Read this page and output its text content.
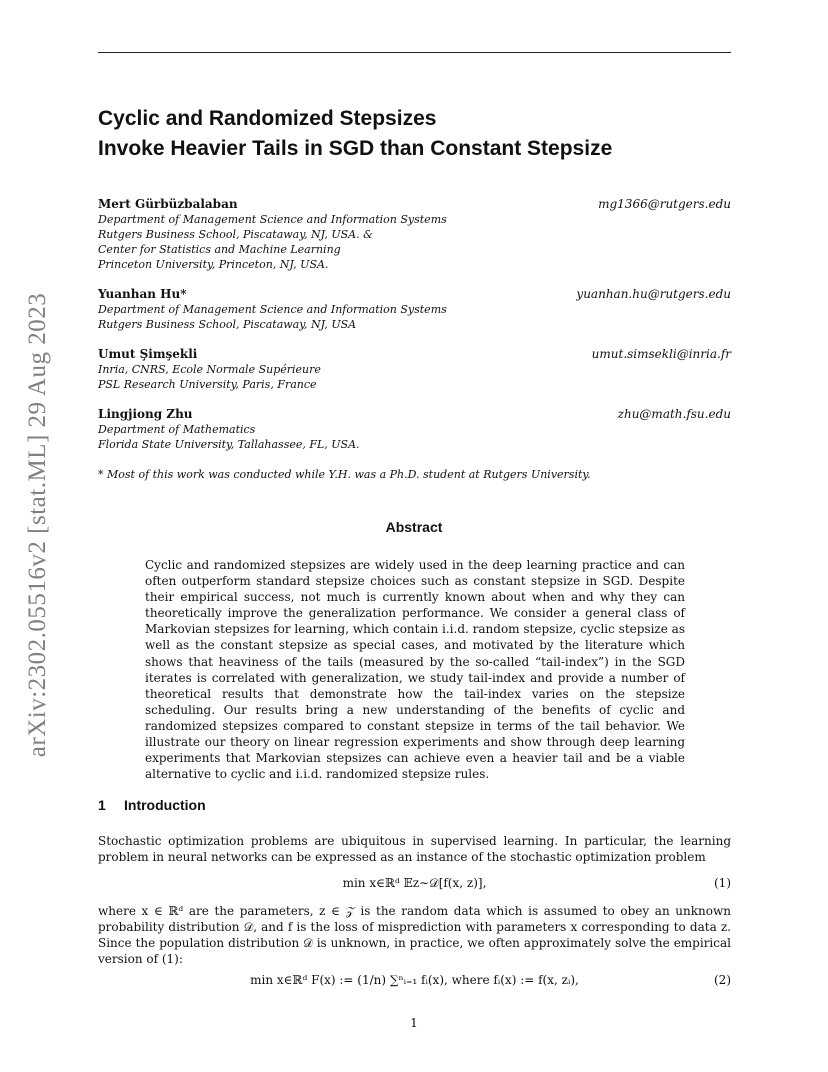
arXiv:2302.05516v2 [stat.ML] 29 Aug 2023
Cyclic and Randomized Stepsizes
Invoke Heavier Tails in SGD than Constant Stepsize
Mert Gürbüzbalaban	mg1366@rutgers.edu
Department of Management Science and Information Systems
Rutgers Business School, Piscataway, NJ, USA. &
Center for Statistics and Machine Learning
Princeton University, Princeton, NJ, USA.
Yuanhan Hu*	yuanhan.hu@rutgers.edu
Department of Management Science and Information Systems
Rutgers Business School, Piscataway, NJ, USA
Umut Şimşekli	umut.simsekli@inria.fr
Inria, CNRS, Ecole Normale Supérieure
PSL Research University, Paris, France
Lingjiong Zhu	zhu@math.fsu.edu
Department of Mathematics
Florida State University, Tallahassee, FL, USA.
* Most of this work was conducted while Y.H. was a Ph.D. student at Rutgers University.
Abstract
Cyclic and randomized stepsizes are widely used in the deep learning practice and can often outperform standard stepsize choices such as constant stepsize in SGD. Despite their empirical success, not much is currently known about when and why they can theoretically improve the generalization performance. We consider a general class of Markovian stepsizes for learning, which contain i.i.d. random stepsize, cyclic stepsize as well as the constant stepsize as special cases, and motivated by the literature which shows that heaviness of the tails (measured by the so-called “tail-index”) in the SGD iterates is correlated with generalization, we study tail-index and provide a number of theoretical results that demonstrate how the tail-index varies on the stepsize scheduling. Our results bring a new understanding of the benefits of cyclic and randomized stepsizes compared to constant stepsize in terms of the tail behavior. We illustrate our theory on linear regression experiments and show through deep learning experiments that Markovian stepsizes can achieve even a heavier tail and be a viable alternative to cyclic and i.i.d. randomized stepsize rules.
1 Introduction
Stochastic optimization problems are ubiquitous in supervised learning. In particular, the learning problem in neural networks can be expressed as an instance of the stochastic optimization problem
min x∈ℝᵈ 𝔼z∼𝒟[f(x, z)],	(1)
where x ∈ ℝᵈ are the parameters, z ∈ 𝒵 is the random data which is assumed to obey an unknown probability distribution 𝒟, and f is the loss of misprediction with parameters x corresponding to data z. Since the population distribution 𝒟 is unknown, in practice, we often approximately solve the empirical version of (1):
min x∈ℝᵈ F(x) := (1/n) ∑ⁿᵢ₌₁ fᵢ(x), where fᵢ(x) := f(x, zᵢ),	(2)
1
